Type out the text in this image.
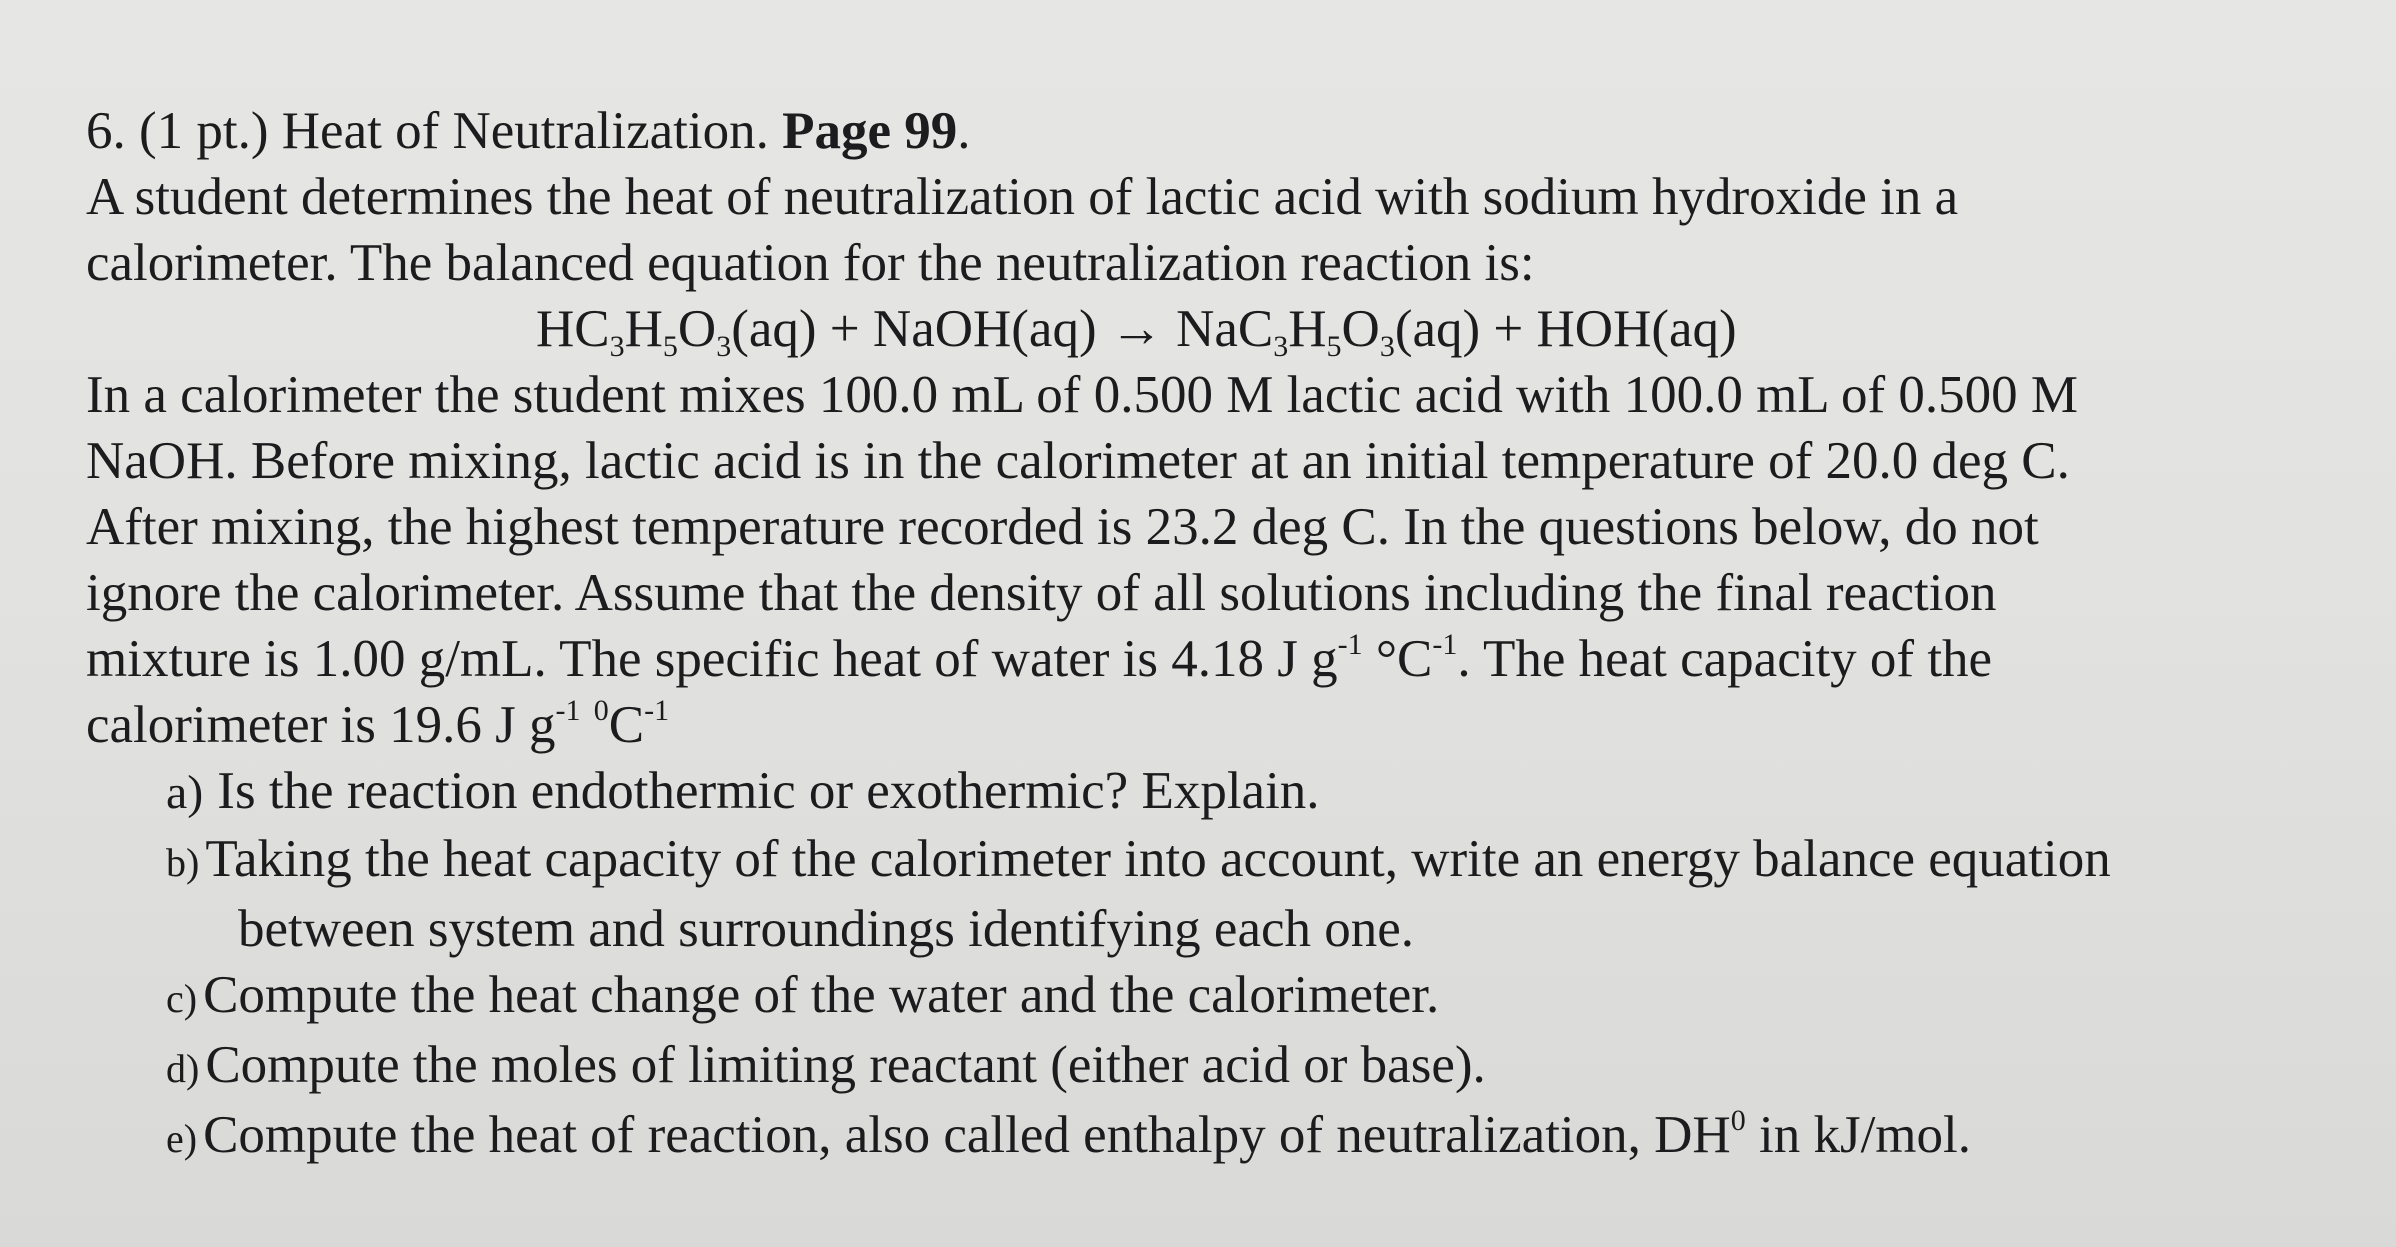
6. (1 pt.) Heat of Neutralization. Page 99.
A student determines the heat of neutralization of lactic acid with sodium hydroxide in a
calorimeter. The balanced equation for the neutralization reaction is:
$HC_3H_5O_3(aq)$ + NaOH(aq) → $NaC_3H_5O_3(aq) + HOH(aq)$
In a calorimeter the student mixes 100.0 mL of 0.500 M lactic acid with 100.0 mL of 0.500 M
NaOH. Before mixing, lactic acid is in the calorimeter at an initial temperature of 20.0 deg C.
After mixing, the highest temperature recorded is 23.2 deg C. In the questions below, do not
ignore the calorimeter. Assume that the density of all solutions including the final reaction
mixture is 1.00 g/mL. The specific heat of water is 4.18 J $g^{-1}$ $^\circ C^{-1}$. The heat capacity of the
calorimeter is 19.6 J $g^{-1}$ $^0C^{-1}$
a) Is the reaction endothermic or exothermic? Explain.
b) Taking the heat capacity of the calorimeter into account, write an energy balance equation
between system and surroundings identifying each one.
c) Compute the heat change of the water and the calorimeter.
d) Compute the moles of limiting reactant (either acid or base).
e) Compute the heat of reaction, also called enthalpy of neutralization, $DH^0$ in kJ/mol.
